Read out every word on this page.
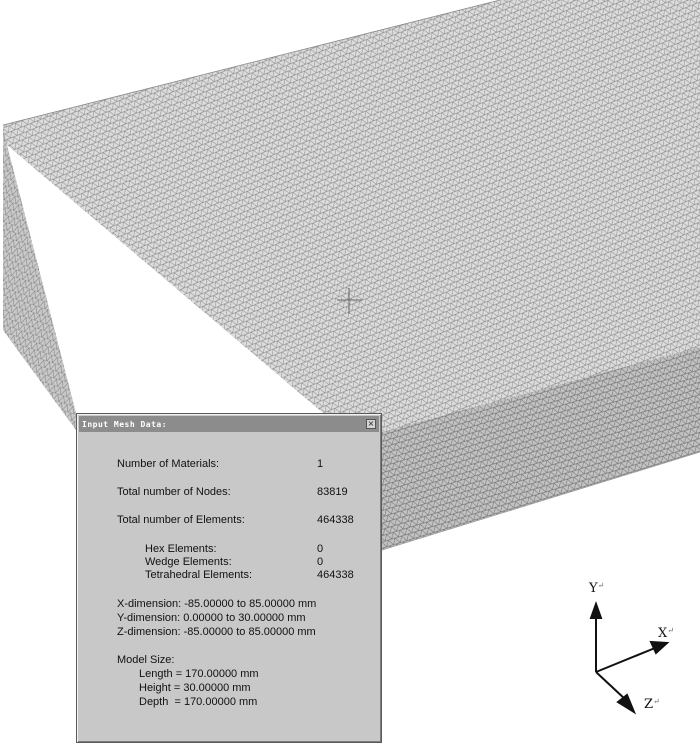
Y↵
X↵
Z↵
Input Mesh Data:	×
Number of Materials:	1
Total number of Nodes:	83819
Total number of Elements:	464338
Hex Elements:	0
Wedge Elements:	0
Tetrahedral Elements:	464338
X-dimension: -85.00000 to 85.00000 mm
Y-dimension: 0.00000 to 30.00000 mm
Z-dimension: -85.00000 to 85.00000 mm
Model Size:
Length = 170.00000 mm
Height = 30.00000 mm
Depth  = 170.00000 mm
